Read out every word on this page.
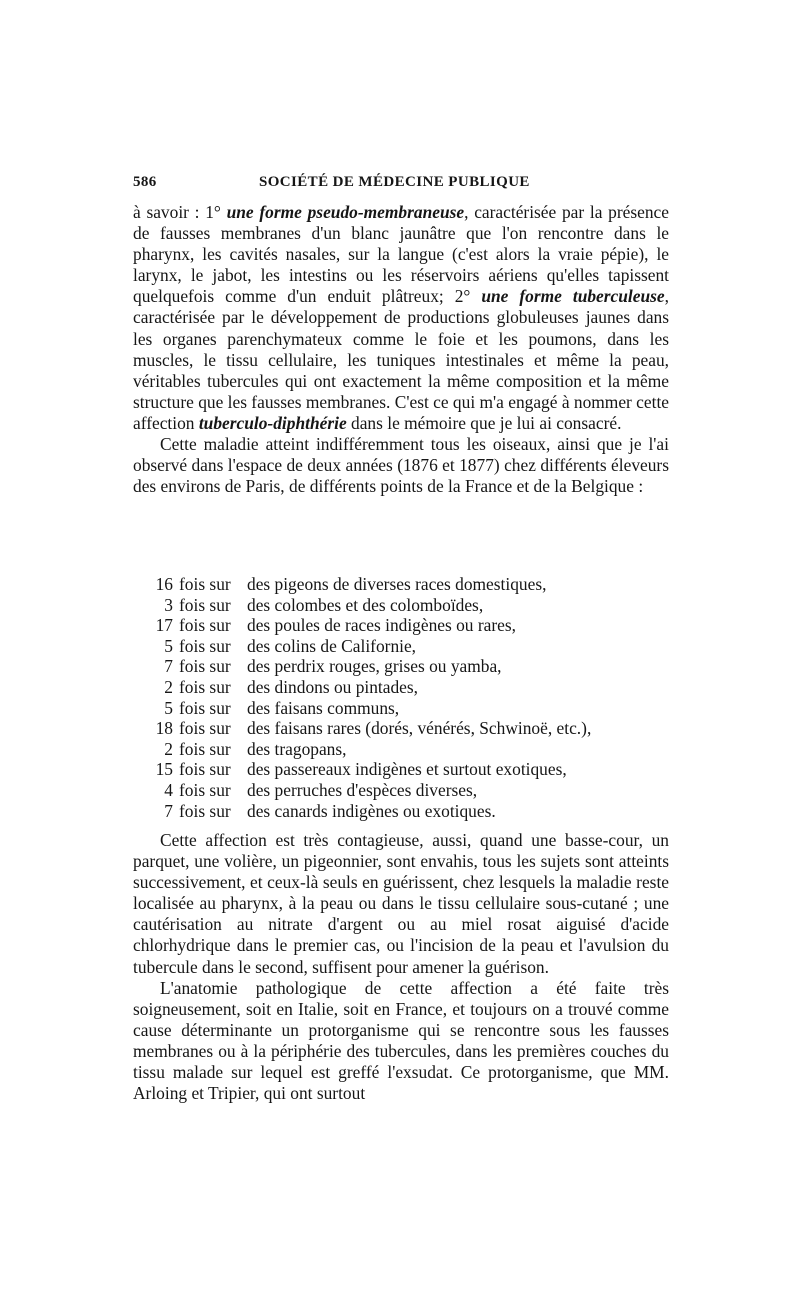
586	SOCIÉTÉ DE MÉDECINE PUBLIQUE

à savoir : 1° une forme pseudo-membraneuse, caractérisée par la présence de fausses membranes d'un blanc jaunâtre que l'on rencontre dans le pharynx, les cavités nasales, sur la langue (c'est alors la vraie pépie), le larynx, le jabot, les intestins ou les réservoirs aériens qu'elles tapissent quelquefois comme d'un enduit plâtreux; 2° une forme tuberculeuse, caractérisée par le développement de productions globuleuses jaunes dans les organes parenchymateux comme le foie et les poumons, dans les muscles, le tissu cellulaire, les tuniques intestinales et même la peau, véritables tubercules qui ont exactement la même composition et la même structure que les fausses membranes. C'est ce qui m'a engagé à nommer cette affection tuberculo-diphthérie dans le mémoire que je lui ai consacré.

Cette maladie atteint indifféremment tous les oiseaux, ainsi que je l'ai observé dans l'espace de deux années (1876 et 1877) chez différents éleveurs des environs de Paris, de différents points de la France et de la Belgique :

16 fois sur des pigeons de diverses races domestiques,
3 fois sur des colombes et des colomboïdes,
17 fois sur des poules de races indigènes ou rares,
5 fois sur des colins de Californie,
7 fois sur des perdrix rouges, grises ou yamba,
2 fois sur des dindons ou pintades,
5 fois sur des faisans communs,
18 fois sur des faisans rares (dorés, vénérés, Schwinoë, etc.),
2 fois sur des tragopans,
15 fois sur des passereaux indigènes et surtout exotiques,
4 fois sur des perruches d'espèces diverses,
7 fois sur des canards indigènes ou exotiques.

Cette affection est très contagieuse, aussi, quand une basse-cour, un parquet, une volière, un pigeonnier, sont envahis, tous les sujets sont atteints successivement, et ceux-là seuls en guérissent, chez lesquels la maladie reste localisée au pharynx, à la peau ou dans le tissu cellulaire sous-cutané ; une cautérisation au nitrate d'argent ou au miel rosat aiguisé d'acide chlorhydrique dans le premier cas, ou l'incision de la peau et l'avulsion du tubercule dans le second, suffisent pour amener la guérison.

L'anatomie pathologique de cette affection a été faite très soigneusement, soit en Italie, soit en France, et toujours on a trouvé comme cause déterminante un protorganisme qui se rencontre sous les fausses membranes ou à la périphérie des tubercules, dans les premières couches du tissu malade sur lequel est greffé l'exsudat. Ce protorganisme, que MM. Arloing et Tripier, qui ont surtout
